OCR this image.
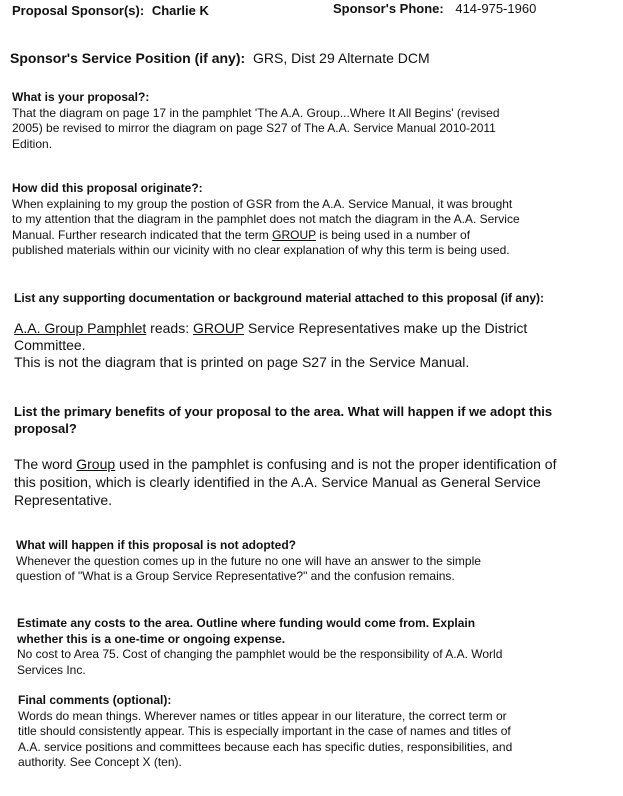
Proposal Sponsor(s): Charlie K	Sponsor's Phone: 414-975-1960
Sponsor's Service Position (if any): GRS, Dist 29 Alternate DCM
What is your proposal?:
That the diagram on page 17 in the pamphlet 'The A.A. Group...Where It All Begins' (revised
2005) be revised to mirror the diagram on page S27 of The A.A. Service Manual 2010-2011
Edition.
How did this proposal originate?:
When explaining to my group the postion of GSR from the A.A. Service Manual, it was brought
to my attention that the diagram in the pamphlet does not match the diagram in the A.A. Service
Manual. Further research indicated that the term GROUP is being used in a number of
published materials within our vicinity with no clear explanation of why this term is being used.
List any supporting documentation or background material attached to this proposal (if any):
A.A. Group Pamphlet reads: GROUP Service Representatives make up the District
Committee.
This is not the diagram that is printed on page S27 in the Service Manual.
List the primary benefits of your proposal to the area. What will happen if we adopt this
proposal?
The word Group used in the pamphlet is confusing and is not the proper identification of
this position, which is clearly identified in the A.A. Service Manual as General Service
Representative.
What will happen if this proposal is not adopted?
Whenever the question comes up in the future no one will have an answer to the simple
question of "What is a Group Service Representative?" and the confusion remains.
Estimate any costs to the area. Outline where funding would come from. Explain
whether this is a one-time or ongoing expense.
No cost to Area 75. Cost of changing the pamphlet would be the responsibility of A.A. World
Services Inc.
Final comments (optional):
Words do mean things. Wherever names or titles appear in our literature, the correct term or
title should consistently appear. This is especially important in the case of names and titles of
A.A. service positions and committees because each has specific duties, responsibilities, and
authority. See Concept X (ten).
